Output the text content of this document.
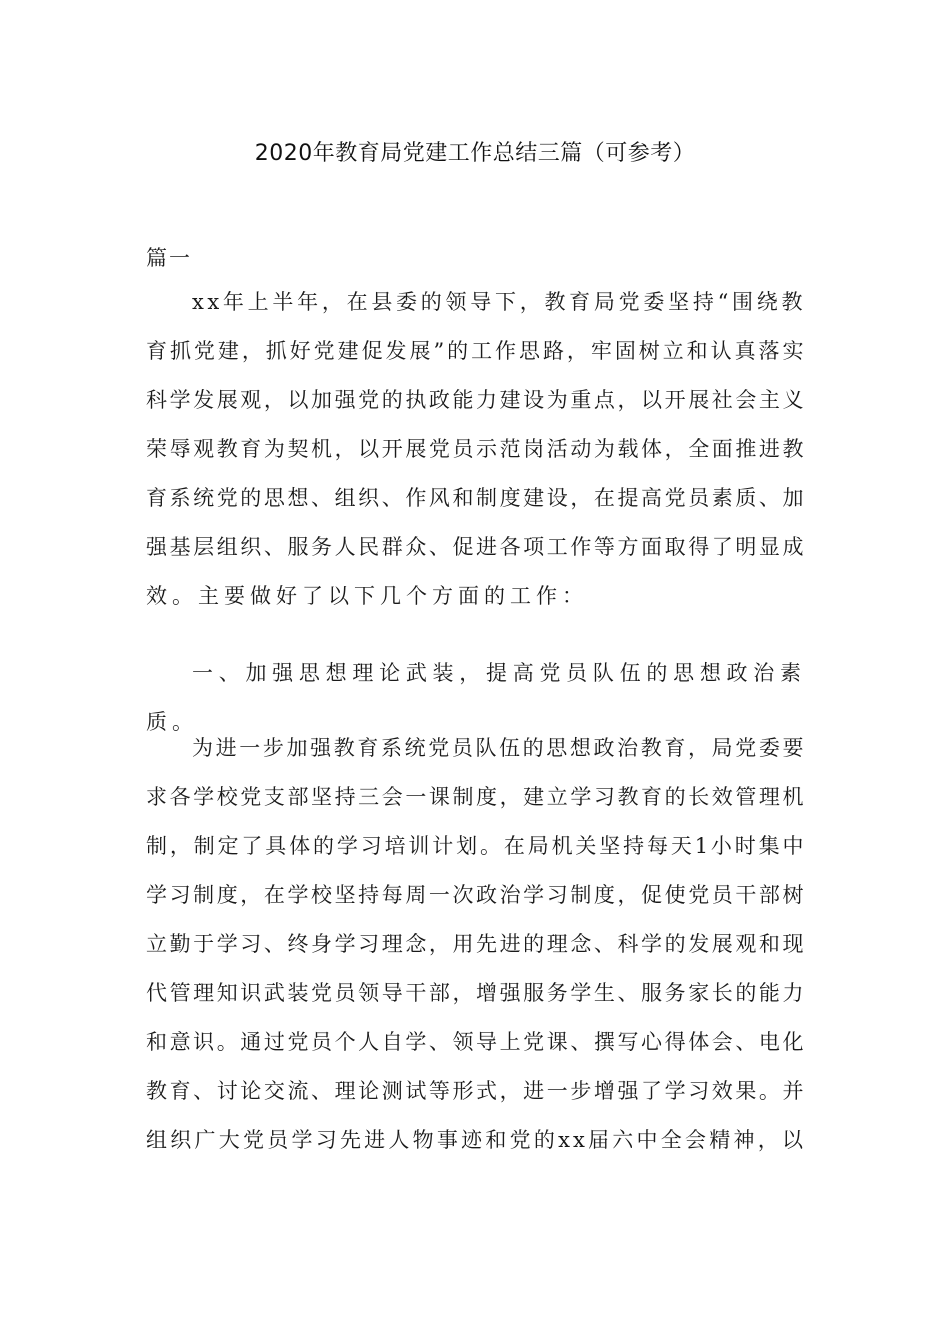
2020年教育局党建工作总结三篇（可参考）
篇一
xx年上半年，在县委的领导下，教育局党委坚持“围绕教
育抓党建，抓好党建促发展”的工作思路，牢固树立和认真落实
科学发展观，以加强党的执政能力建设为重点，以开展社会主义
荣辱观教育为契机，以开展党员示范岗活动为载体，全面推进教
育系统党的思想、组织、作风和制度建设，在提高党员素质、加
强基层组织、服务人民群众、促进各项工作等方面取得了明显成
效。主要做好了以下几个方面的工作：
一、加强思想理论武装，提高党员队伍的思想政治素质。
为进一步加强教育系统党员队伍的思想政治教育，局党委要
求各学校党支部坚持三会一课制度，建立学习教育的长效管理机
制，制定了具体的学习培训计划。在局机关坚持每天1小时集中
学习制度，在学校坚持每周一次政治学习制度，促使党员干部树
立勤于学习、终身学习理念，用先进的理念、科学的发展观和现
代管理知识武装党员领导干部，增强服务学生、服务家长的能力
和意识。通过党员个人自学、领导上党课、撰写心得体会、电化
教育、讨论交流、理论测试等形式，进一步增强了学习效果。并
组织广大党员学习先进人物事迹和党的xx届六中全会精神，以
